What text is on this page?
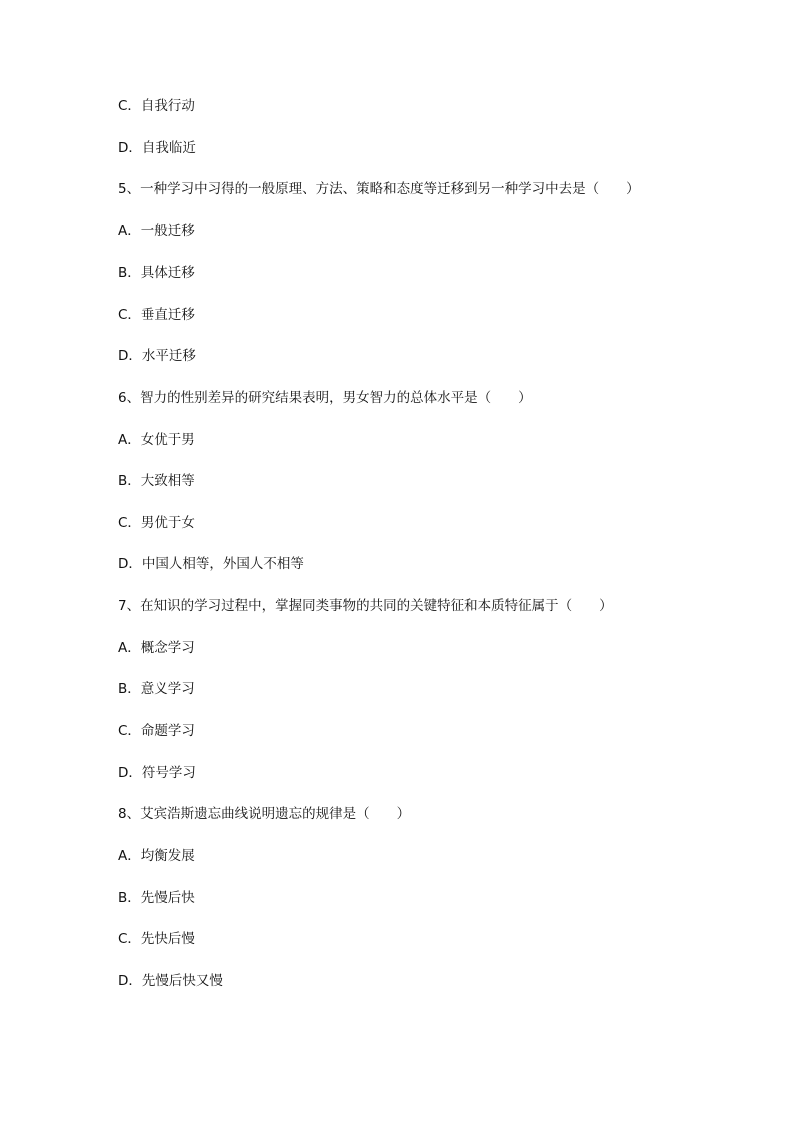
C．自我行动
D．自我临近
5、一种学习中习得的一般原理、方法、策略和态度等迁移到另一种学习中去是（　　）
A．一般迁移
B．具体迁移
C．垂直迁移
D．水平迁移
6、智力的性别差异的研究结果表明，男女智力的总体水平是（　　）
A．女优于男
B．大致相等
C．男优于女
D．中国人相等，外国人不相等
7、在知识的学习过程中，掌握同类事物的共同的关键特征和本质特征属于（　　）
A．概念学习
B．意义学习
C．命题学习
D．符号学习
8、艾宾浩斯遗忘曲线说明遗忘的规律是（　　）
A．均衡发展
B．先慢后快
C．先快后慢
D．先慢后快又慢
